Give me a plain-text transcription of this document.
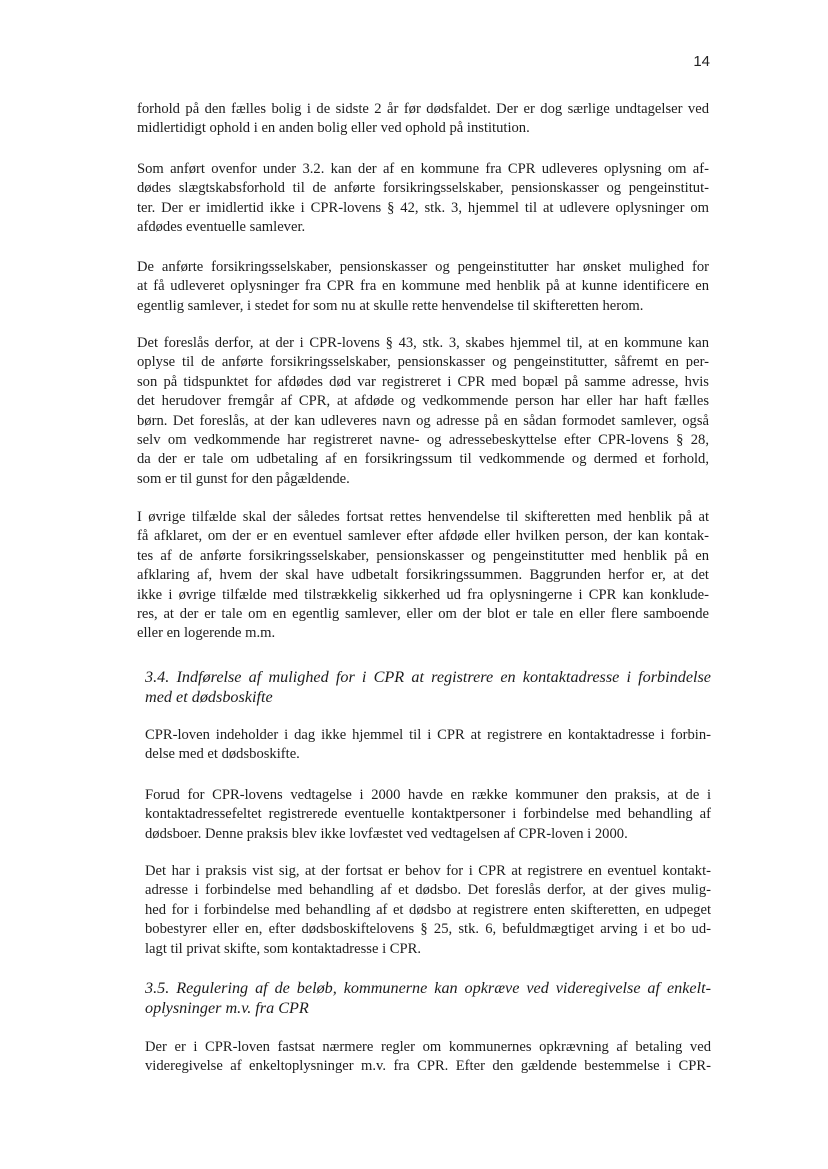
14
forhold på den fælles bolig i de sidste 2 år før dødsfaldet. Der er dog særlige undtagelser ved
midlertidigt ophold i en anden bolig eller ved ophold på institution.
Som anført ovenfor under 3.2. kan der af en kommune fra CPR udleveres oplysning om af-
dødes slægtskabsforhold til de anførte forsikringsselskaber, pensionskasser og pengeinstitut-
ter. Der er imidlertid ikke i CPR-lovens § 42, stk. 3, hjemmel til at udlevere oplysninger om
afdødes eventuelle samlever.
De anførte forsikringsselskaber, pensionskasser og pengeinstitutter har ønsket mulighed for
at få udleveret oplysninger fra CPR fra en kommune med henblik på at kunne identificere en
egentlig samlever, i stedet for som nu at skulle rette henvendelse til skifteretten herom.
Det foreslås derfor, at der i CPR-lovens § 43, stk. 3, skabes hjemmel til, at en kommune kan
oplyse til de anførte forsikringsselskaber, pensionskasser og pengeinstitutter, såfremt en per-
son på tidspunktet for afdødes død var registreret i CPR med bopæl på samme adresse, hvis
det herudover fremgår af CPR, at afdøde og vedkommende person har eller har haft fælles
børn. Det foreslås, at der kan udleveres navn og adresse på en sådan formodet samlever, også
selv om vedkommende har registreret navne- og adressebeskyttelse efter CPR-lovens § 28,
da der er tale om udbetaling af en forsikringssum til vedkommende og dermed et forhold,
som er til gunst for den pågældende.
I øvrige tilfælde skal der således fortsat rettes henvendelse til skifteretten med henblik på at
få afklaret, om der er en eventuel samlever efter afdøde eller hvilken person, der kan kontak-
tes af de anførte forsikringsselskaber, pensionskasser og pengeinstitutter med henblik på en
afklaring af, hvem der skal have udbetalt forsikringssummen. Baggrunden herfor er, at det
ikke i øvrige tilfælde med tilstrækkelig sikkerhed ud fra oplysningerne i CPR kan konklude-
res, at der er tale om en egentlig samlever, eller om der blot er tale en eller flere samboende
eller en logerende m.m.
3.4. Indførelse af mulighed for i CPR at registrere en kontaktadresse i forbindelse
med et dødsboskifte
CPR-loven indeholder i dag ikke hjemmel til i CPR at registrere en kontaktadresse i forbin-
delse med et dødsboskifte.
Forud for CPR-lovens vedtagelse i 2000 havde en række kommuner den praksis, at de i
kontaktadressefeltet registrerede eventuelle kontaktpersoner i forbindelse med behandling af
dødsboer. Denne praksis blev ikke lovfæstet ved vedtagelsen af CPR-loven i 2000.
Det har i praksis vist sig, at der fortsat er behov for i CPR at registrere en eventuel kontakt-
adresse i forbindelse med behandling af et dødsbo. Det foreslås derfor, at der gives mulig-
hed for i forbindelse med behandling af et dødsbo at registrere enten skifteretten, en udpeget
bobestyrer eller en, efter dødsboskiftelovens § 25, stk. 6, befuldmægtiget arving i et bo ud-
lagt til privat skifte, som kontaktadresse i CPR.
3.5. Regulering af de beløb, kommunerne kan opkræve ved videregivelse af enkelt-
oplysninger m.v. fra CPR
Der er i CPR-loven fastsat nærmere regler om kommunernes opkrævning af betaling ved
videregivelse af enkeltoplysninger m.v. fra CPR. Efter den gældende bestemmelse i CPR-
